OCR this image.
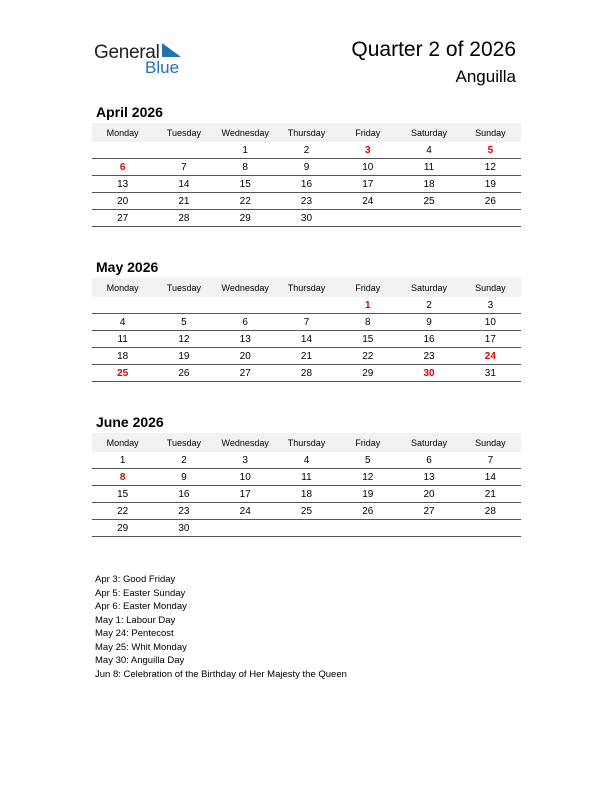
General
Blue
Quarter 2 of 2026
Anguilla
April 2026
Monday	Tuesday	Wednesday	Thursday	Friday	Saturday	Sunday
		1	2	3	4	5
6	7	8	9	10	11	12
13	14	15	16	17	18	19
20	21	22	23	24	25	26
27	28	29	30			
May 2026
Monday	Tuesday	Wednesday	Thursday	Friday	Saturday	Sunday
				1	2	3
4	5	6	7	8	9	10
11	12	13	14	15	16	17
18	19	20	21	22	23	24
25	26	27	28	29	30	31
June 2026
Monday	Tuesday	Wednesday	Thursday	Friday	Saturday	Sunday
1	2	3	4	5	6	7
8	9	10	11	12	13	14
15	16	17	18	19	20	21
22	23	24	25	26	27	28
29	30					
Apr 3: Good Friday
Apr 5: Easter Sunday
Apr 6: Easter Monday
May 1: Labour Day
May 24: Pentecost
May 25: Whit Monday
May 30: Anguilla Day
Jun 8: Celebration of the Birthday of Her Majesty the Queen
